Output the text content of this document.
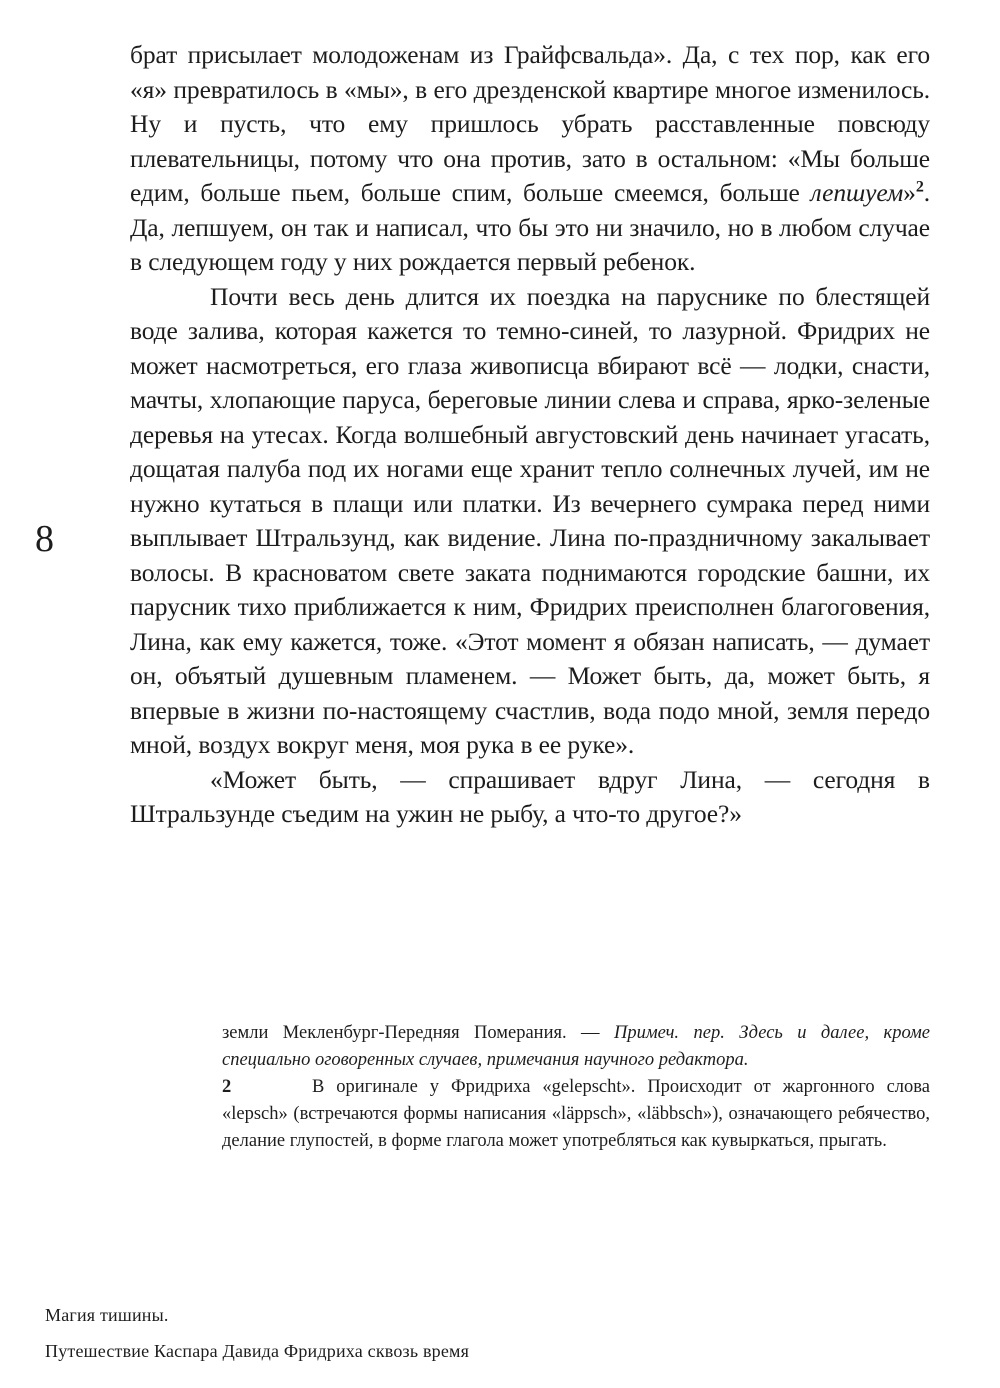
8

брат присылает молодоженам из Грайфсвальда». Да, с тех пор, как его «я» превратилось в «мы», в его дрезденской квартире многое изменилось. Ну и пусть, что ему пришлось убрать расставленные повсюду плевательницы, потому что она против, зато в остальном: «Мы больше едим, больше пьем, больше спим, больше смеемся, больше лепшуем»$^2$. Да, лепшуем, он так и написал, что бы это ни значило, но в любом случае в следующем году у них рождается первый ребенок.

Почти весь день длится их поездка на паруснике по блестящей воде залива, которая кажется то темно-синей, то лазурной. Фридрих не может насмотреться, его глаза живописца вбирают всё — лодки, снасти, мачты, хлопающие паруса, береговые линии слева и справа, ярко-зеленые деревья на утесах. Когда волшебный августовский день начинает угасать, дощатая палуба под их ногами еще хранит тепло солнечных лучей, им не нужно кутаться в плащи или платки. Из вечернего сумрака перед ними выплывает Штральзунд, как видение. Лина по-праздничному закалывает волосы. В красноватом свете заката поднимаются городские башни, их парусник тихо приближается к ним, Фридрих преисполнен благоговения, Лина, как ему кажется, тоже. «Этот момент я обязан написать, — думает он, объятый душевным пламенем. — Может быть, да, может быть, я впервые в жизни по-настоящему счастлив, вода подо мной, земля передо мной, воздух вокруг меня, моя рука в ее руке».

«Может быть, — спрашивает вдруг Лина, — сегодня в Штральзунде съедим на ужин не рыбу, а что-то другое?»

земли Мекленбург-Передняя Померания. — Примеч. пер. Здесь и далее, кроме специально оговоренных случаев, примечания научного редактора.

2	В оригинале у Фридриха «gelepscht». Происходит от жаргонного слова «lepsch» (встречаются формы написания «läppsch», «läbbsch»), означающего ребячество, делание глупостей, в форме глагола может употребляться как кувыркаться, прыгать.

Магия тишины.
Путешествие Каспара Давида Фридриха сквозь время
